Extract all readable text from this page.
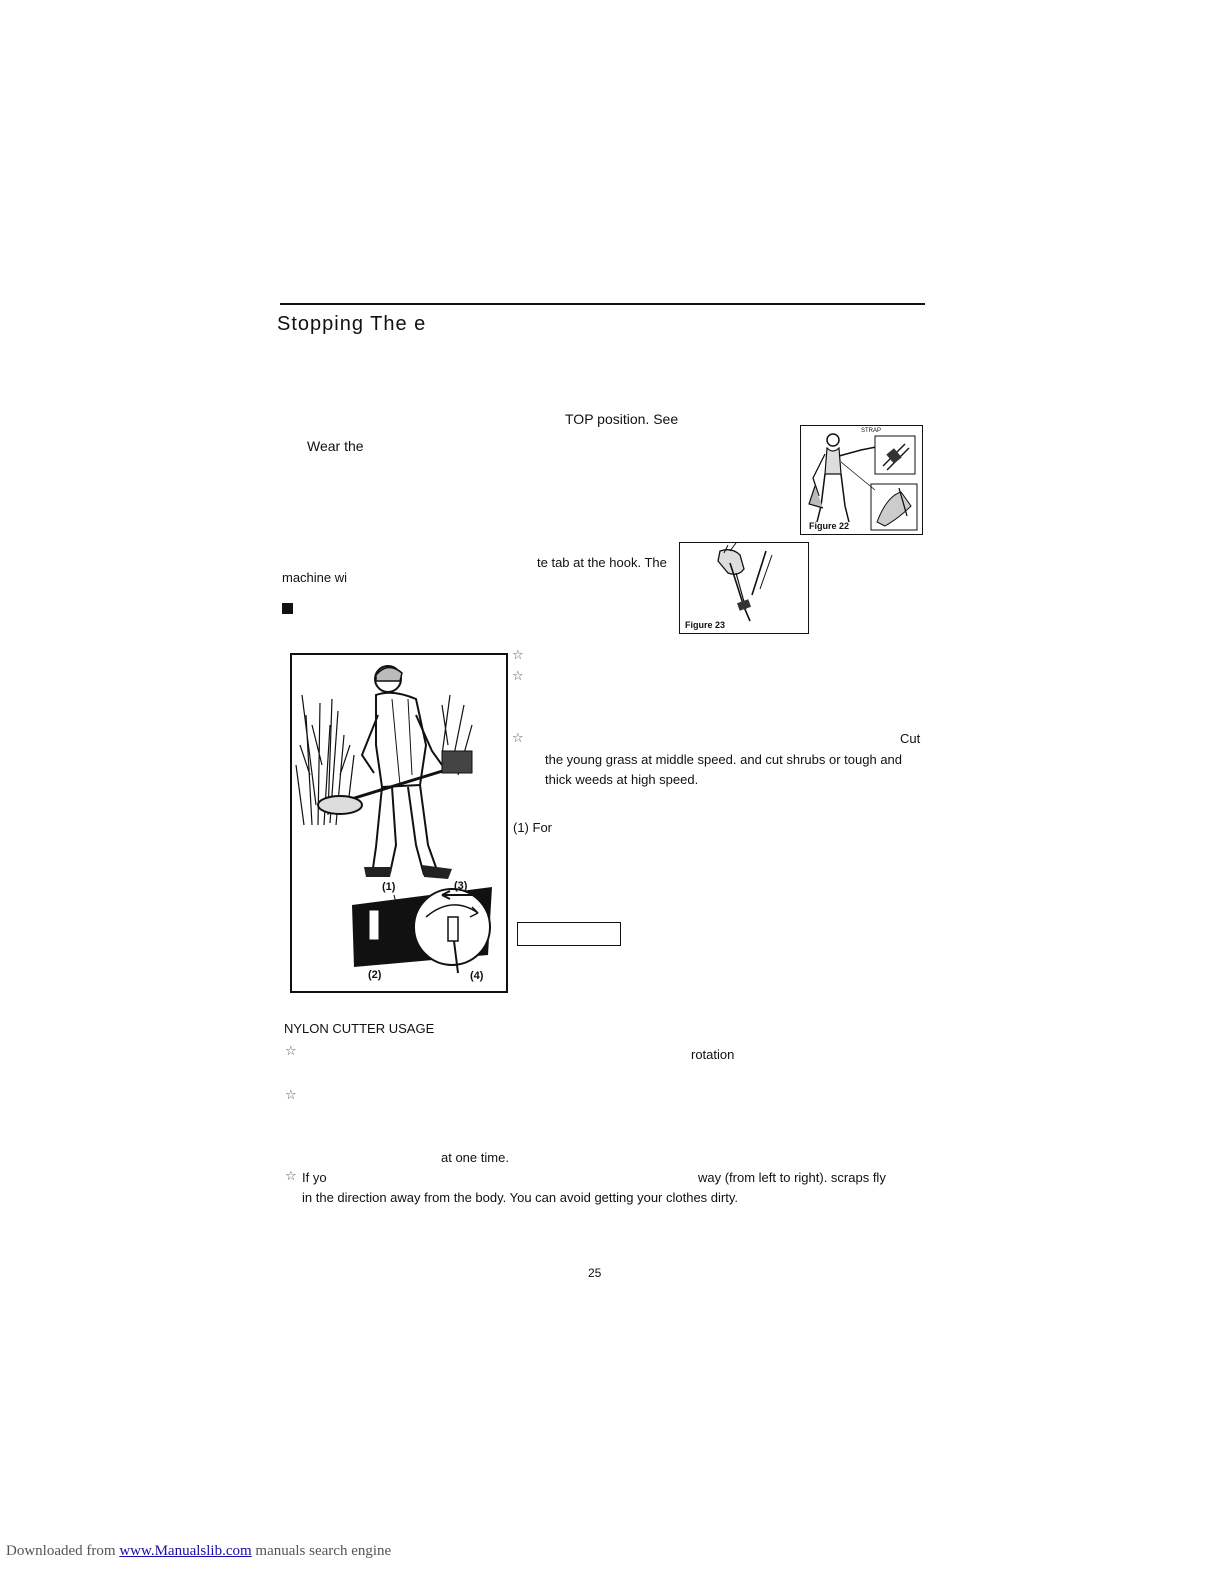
Stopping The e
TOP position. See
Wear the
STRAP
Figure 22
te tab at the hook. The
machine wi
Figure 23
(1)
(2)
(3)
(4)
☆
☆
☆	Cut
the young grass at middle speed. and cut shrubs or tough and
thick weeds at high speed.
(1) For
NYLON CUTTER USAGE
☆	rotation
☆
at one time.
☆ If yo	way (from left to right). scraps fly
in the direction away from the body. You can avoid getting your clothes dirty.
25
Downloaded from www.Manualslib.com manuals search engine
